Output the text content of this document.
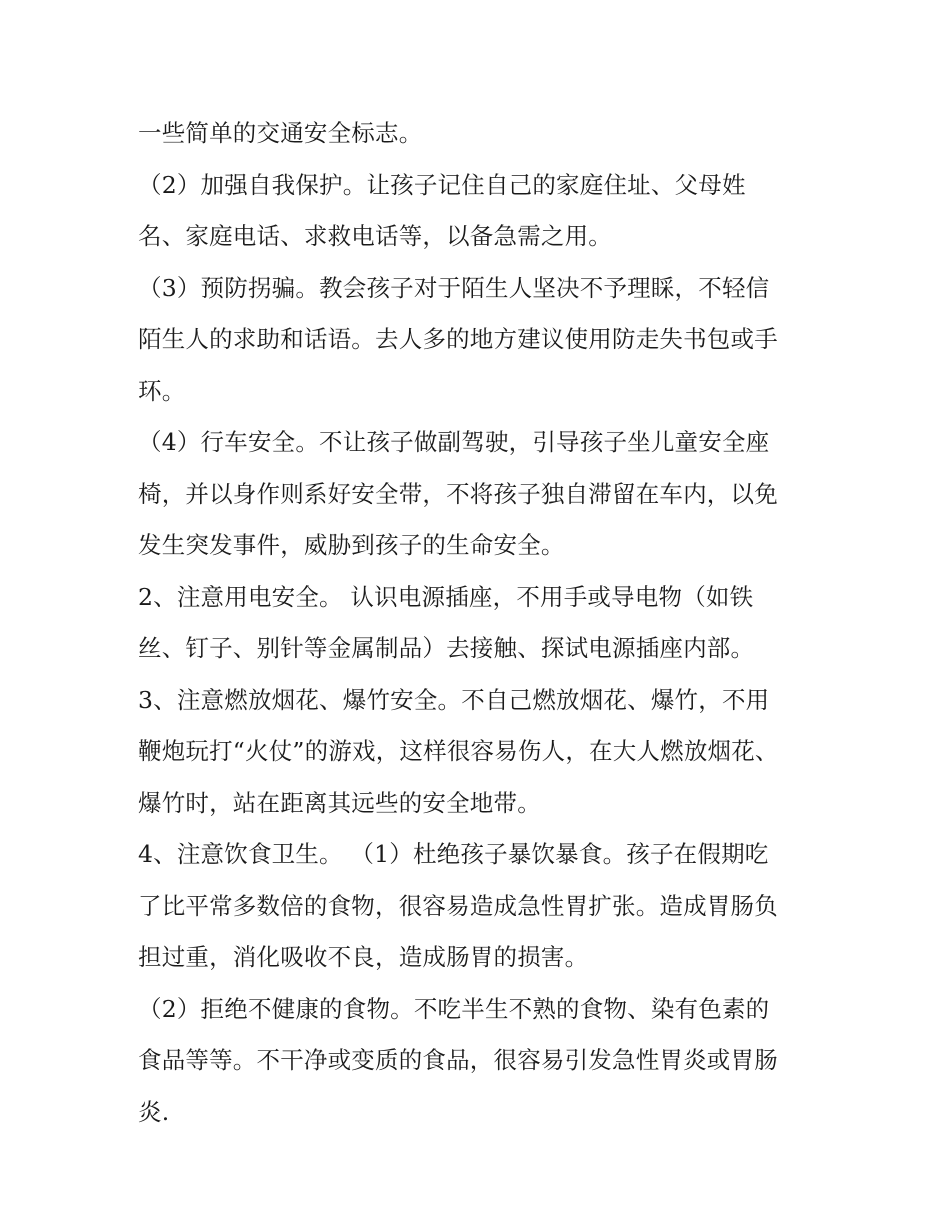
一些简单的交通安全标志。
（2）加强自我保护。让孩子记住自己的家庭住址、父母姓
名、家庭电话、求救电话等，以备急需之用。
（3）预防拐骗。教会孩子对于陌生人坚决不予理睬，不轻信
陌生人的求助和话语。去人多的地方建议使用防走失书包或手
环。
（4）行车安全。不让孩子做副驾驶，引导孩子坐儿童安全座
椅，并以身作则系好安全带，不将孩子独自滞留在车内，以免
发生突发事件，威胁到孩子的生命安全。
2、注意用电安全。 认识电源插座，不用手或导电物（如铁
丝、钉子、别针等金属制品）去接触、探试电源插座内部。
3、注意燃放烟花、爆竹安全。不自己燃放烟花、爆竹，不用
鞭炮玩打“火仗”的游戏，这样很容易伤人，在大人燃放烟花、
爆竹时，站在距离其远些的安全地带。
4、注意饮食卫生。 （1）杜绝孩子暴饮暴食。孩子在假期吃
了比平常多数倍的食物，很容易造成急性胃扩张。造成胃肠负
担过重，消化吸收不良，造成肠胃的损害。
（2）拒绝不健康的食物。不吃半生不熟的食物、染有色素的
食品等等。不干净或变质的食品，很容易引发急性胃炎或胃肠
炎.
